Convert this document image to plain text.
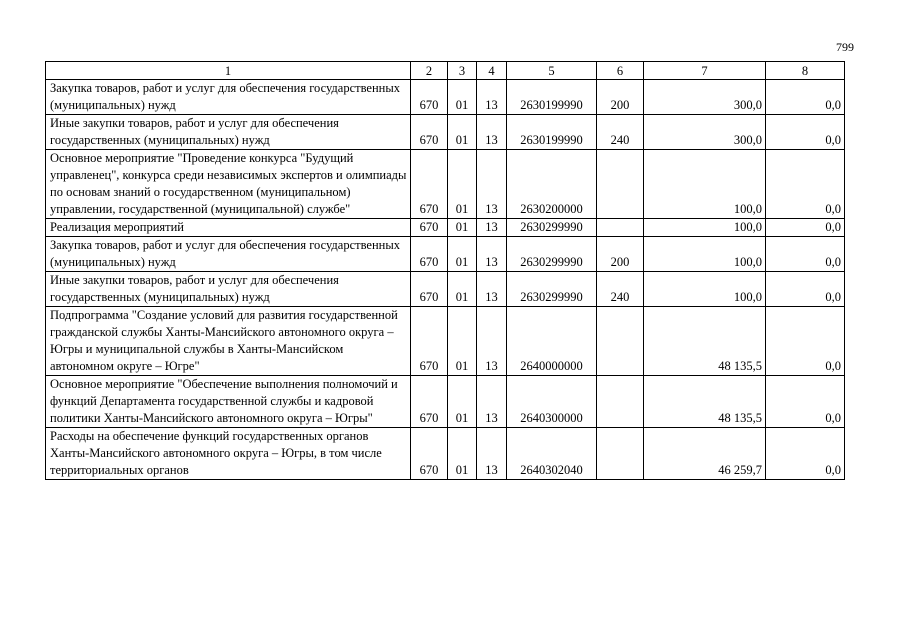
799
1	2	3	4	5	6	7	8
Закупка товаров, работ и услуг для обеспечения государственных (муниципальных) нужд	670	01	13	2630199990	200	300,0	0,0
Иные закупки товаров, работ и услуг для обеспечения государственных (муниципальных) нужд	670	01	13	2630199990	240	300,0	0,0
Основное мероприятие "Проведение конкурса "Будущий управленец", конкурса среди независимых экспертов и олимпиады по основам знаний о государственном (муниципальном) управлении, государственной (муниципальной) службе"	670	01	13	2630200000		100,0	0,0
Реализация мероприятий	670	01	13	2630299990		100,0	0,0
Закупка товаров, работ и услуг для обеспечения государственных (муниципальных) нужд	670	01	13	2630299990	200	100,0	0,0
Иные закупки товаров, работ и услуг для обеспечения государственных (муниципальных) нужд	670	01	13	2630299990	240	100,0	0,0
Подпрограмма "Создание условий для развития государственной гражданской службы Ханты-Мансийского автономного округа – Югры и муниципальной службы в Ханты-Мансийском автономном округе – Югре"	670	01	13	2640000000		48 135,5	0,0
Основное мероприятие "Обеспечение выполнения полномочий и функций Департамента государственной службы и кадровой политики Ханты-Мансийского автономного округа – Югры"	670	01	13	2640300000		48 135,5	0,0
Расходы на обеспечение функций государственных органов Ханты-Мансийского автономного округа – Югры, в том числе территориальных органов	670	01	13	2640302040		46 259,7	0,0
